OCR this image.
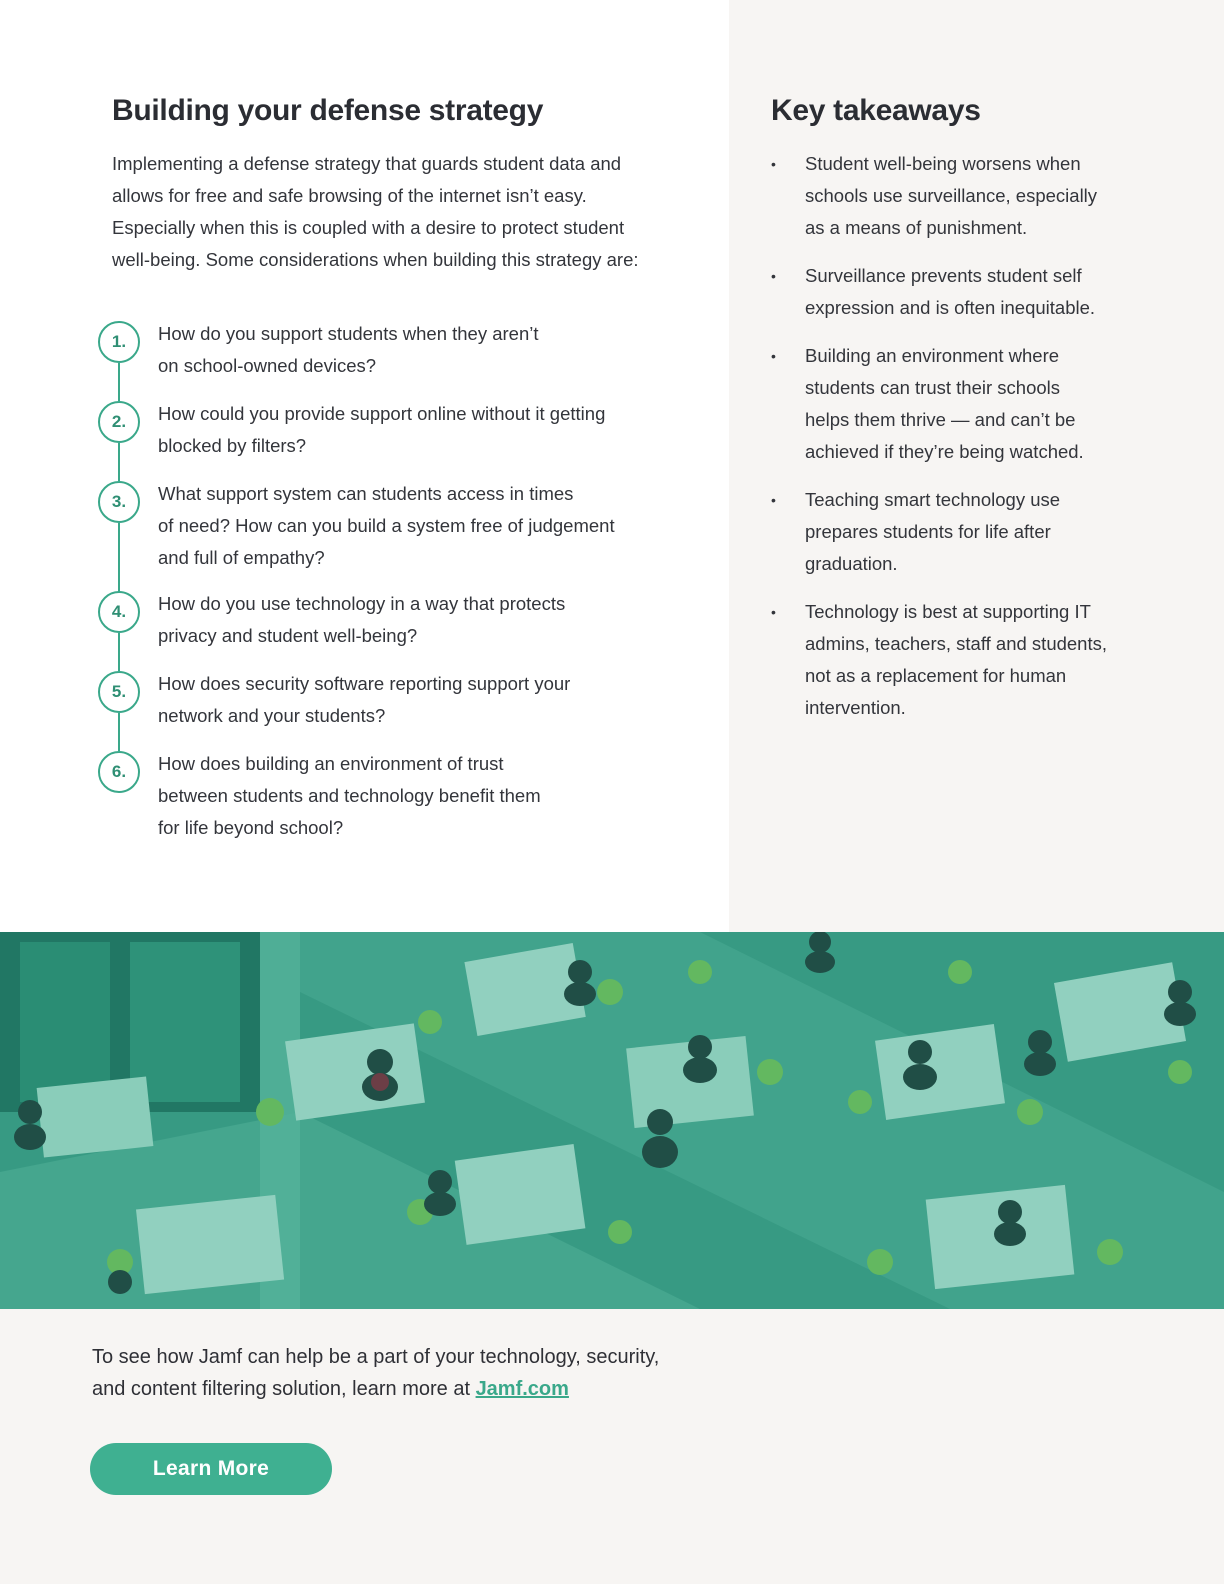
Building your defense strategy

Implementing a defense strategy that guards student data and allows for free and safe browsing of the internet isn’t easy. Especially when this is coupled with a desire to protect student well-being. Some considerations when building this strategy are:

1.	How do you support students when they aren’t
on school-owned devices?
2.	How could you provide support online without it getting
blocked by filters?
3.	What support system can students access in times
of need? How can you build a system free of judgement
and full of empathy?
4.	How do you use technology in a way that protects
privacy and student well-being?
5.	How does security software reporting support your
network and your students?
6.	How does building an environment of trust
between students and technology benefit them
for life beyond school?
Key takeaways
• Student well-being worsens when
schools use surveillance, especially
as a means of punishment.
• Surveillance prevents student self
expression and is often inequitable.
• Building an environment where
students can trust their schools
helps them thrive — and can’t be
achieved if they’re being watched.
• Teaching smart technology use
prepares students for life after
graduation.
• Technology is best at supporting IT
admins, teachers, staff and students,
not as a replacement for human
intervention.

To see how Jamf can help be a part of your technology, security,
and content filtering solution, learn more at Jamf.com

Learn More
